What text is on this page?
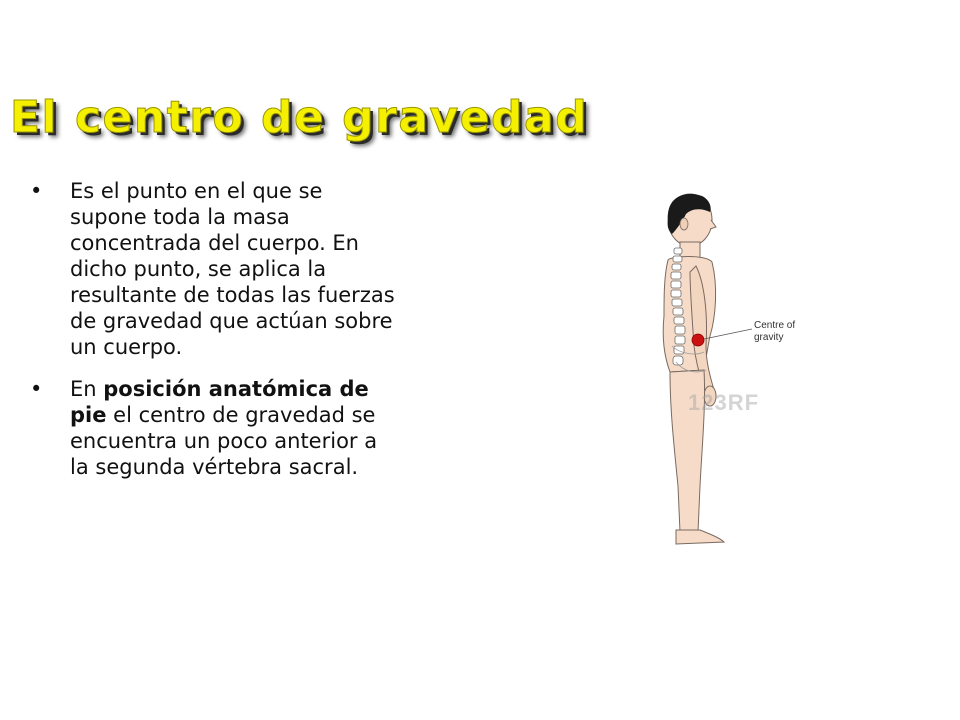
El centro de gravedad
• Es el punto en el que se supone toda la masa concentrada del cuerpo. En dicho punto, se aplica la resultante de todas las fuerzas de gravedad que actúan sobre un cuerpo.
• En posición anatómica de pie el centro de gravedad se encuentra un poco anterior a la segunda vértebra sacral.
Centre of
gravity
123RF
